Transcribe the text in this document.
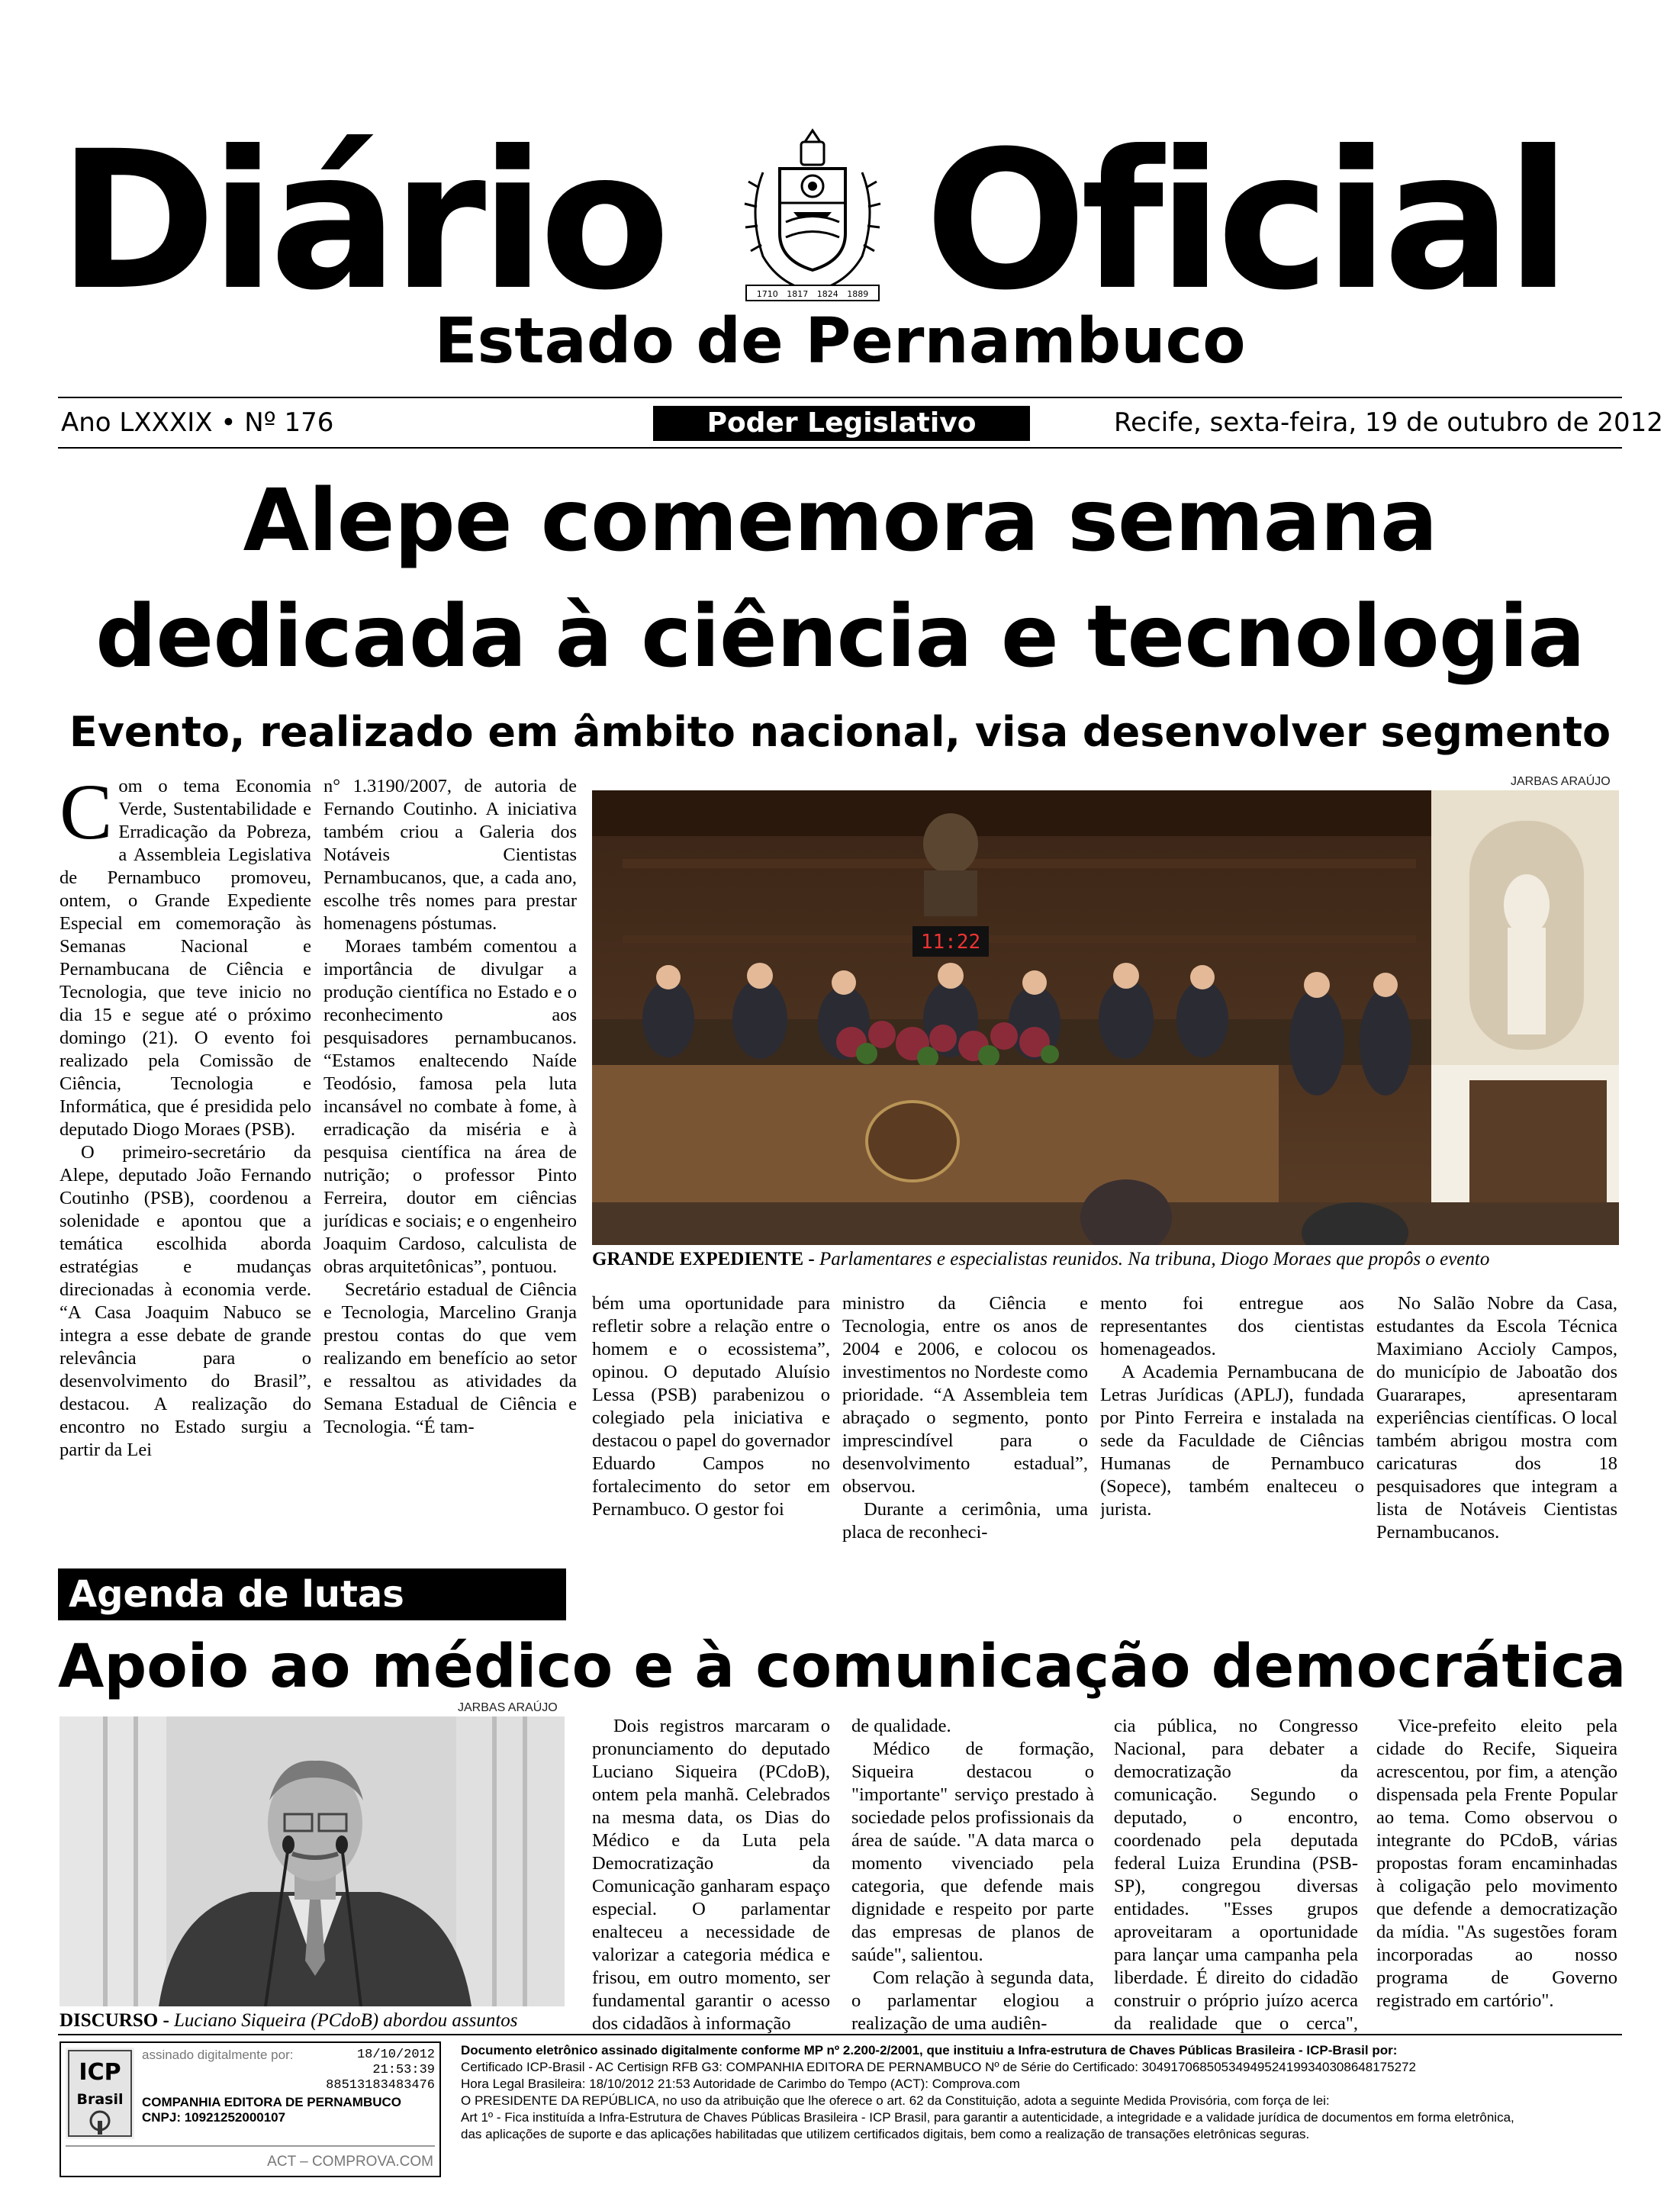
Diário Oficial
1710 1817 1824 1889
Estado de Pernambuco
Ano LXXXIX • Nº 176	Poder Legislativo	Recife, sexta-feira, 19 de outubro de 2012
Alepe comemora semana
dedicada à ciência e tecnologia
Evento, realizado em âmbito nacional, visa desenvolver segmento
JARBAS ARAÚJO
11:22
GRANDE EXPEDIENTE - Parlamentares e especialistas reunidos. Na tribuna, Diogo Moraes que propôs o evento

Com o tema Economia Verde, Sustentabilidade e Erradicação da Pobreza, a Assembleia Legislativa de Pernambuco promoveu, ontem, o Grande Expediente Especial em comemoração às Semanas Nacional e Pernambucana de Ciência e Tecnologia, que teve inicio no dia 15 e segue até o próximo domingo (21). O evento foi realizado pela Comissão de Ciência, Tecnologia e Informática, que é presidida pelo deputado Diogo Moraes (PSB).

O primeiro-secretário da Alepe, deputado João Fernando Coutinho (PSB), coordenou a solenidade e apontou que a temática escolhida aborda estratégias e mudanças direcionadas à economia verde. “A Casa Joaquim Nabuco se integra a esse debate de grande relevância para o desenvolvimento do Brasil”, destacou. A realização do encontro no Estado surgiu a partir da Lei

n° 1.3190/2007, de autoria de Fernando Coutinho. A iniciativa também criou a Galeria dos Notáveis Cientistas Pernambucanos, que, a cada ano, escolhe três nomes para prestar homenagens póstumas.

Moraes também comentou a importância de divulgar a produção científica no Estado e o reconhecimento aos pesquisadores pernambucanos. “Estamos enaltecendo Naíde Teodósio, famosa pela luta incansável no combate à fome, à erradicação da miséria e à pesquisa científica na área de nutrição; o professor Pinto Ferreira, doutor em ciências jurídicas e sociais; e o engenheiro Joaquim Cardoso, calculista de obras arquitetônicas”, pontuou.

Secretário estadual de Ciência e Tecnologia, Marcelino Granja prestou contas do que vem realizando em benefício ao setor e ressaltou as atividades da Semana Estadual de Ciência e Tecnologia. “É tam-

bém uma oportunidade para refletir sobre a relação entre o homem e o ecossistema”, opinou. O deputado Aluísio Lessa (PSB) parabenizou o colegiado pela iniciativa e destacou o papel do governador Eduardo Campos no fortalecimento do setor em Pernambuco. O gestor foi

ministro da Ciência e Tecnologia, entre os anos de 2004 e 2006, e colocou os investimentos no Nordeste como prioridade. “A Assembleia tem abraçado o segmento, ponto imprescindível para o desenvolvimento estadual”, observou.

Durante a cerimônia, uma placa de reconheci-

mento foi entregue aos representantes dos cientistas homenageados.

A Academia Pernambucana de Letras Jurídicas (APLJ), fundada por Pinto Ferreira e instalada na sede da Faculdade de Ciências Humanas de Pernambuco (Sopece), também enalteceu o jurista.

No Salão Nobre da Casa, estudantes da Escola Técnica Maximiano Accioly Campos, do município de Jaboatão dos Guararapes, apresentaram experiências científicas. O local também abrigou mostra com caricaturas dos 18 pesquisadores que integram a lista de Notáveis Cientistas Pernambucanos.

Agenda de lutas
Apoio ao médico e à comunicação democrática
JARBAS ARAÚJO
DISCURSO - Luciano Siqueira (PCdoB) abordou assuntos

Dois registros marcaram o pronunciamento do deputado Luciano Siqueira (PCdoB), ontem pela manhã. Celebrados na mesma data, os Dias do Médico e da Luta pela Democratização da Comunicação ganharam espaço especial. O parlamentar enalteceu a necessidade de valorizar a categoria médica e frisou, em outro momento, ser fundamental garantir o acesso dos cidadãos à informação

de qualidade.

Médico de formação, Siqueira destacou o "importante" serviço prestado à sociedade pelos profissionais da área de saúde. "A data marca o momento vivenciado pela categoria, que defende mais dignidade e respeito por parte das empresas de planos de saúde", salientou.

Com relação à segunda data, o parlamentar elogiou a realização de uma audiên-

cia pública, no Congresso Nacional, para debater a democratização da comunicação. Segundo o deputado, o encontro, coordenado pela deputada federal Luiza Erundina (PSB-SP), congregou diversas entidades. "Esses grupos aproveitaram a oportunidade para lançar uma campanha pela liberdade. É direito do cidadão construir o próprio juízo acerca da realidade que o cerca",

Vice-prefeito eleito pela cidade do Recife, Siqueira acrescentou, por fim, a atenção dispensada pela Frente Popular ao tema. Como observou o integrante do PCdoB, várias propostas foram encaminhadas à coligação pelo movimento que defende a democratização da mídia. "As sugestões foram incorporadas ao nosso programa de Governo registrado em cartório".

ICP
Brasil
assinado digitalmente por:	18/10/2012
21:53:39
88513183483476
COMPANHIA EDITORA DE PERNAMBUCO
CNPJ: 10921252000107
ACT – COMPROVA.COM
Documento eletrônico assinado digitalmente conforme MP nº 2.200-2/2001, que instituiu a Infra-estrutura de Chaves Públicas Brasileira - ICP-Brasil por:
Certificado ICP-Brasil - AC Certisign RFB G3: COMPANHIA EDITORA DE PERNAMBUCO Nº de Série do Certificado: 30491706850534949524199340308648175272
Hora Legal Brasileira: 18/10/2012 21:53 Autoridade de Carimbo do Tempo (ACT): Comprova.com
O PRESIDENTE DA REPÚBLICA, no uso da atribuição que lhe oferece o art. 62 da Constituição, adota a seguinte Medida Provisória, com força de lei:
Art 1º - Fica instituída a Infra-Estrutura de Chaves Públicas Brasileira - ICP Brasil, para garantir a autenticidade, a integridade e a validade jurídica de documentos em forma eletrônica,
das aplicações de suporte e das aplicações habilitadas que utilizem certificados digitais, bem como a realização de transações eletrônicas seguras.
